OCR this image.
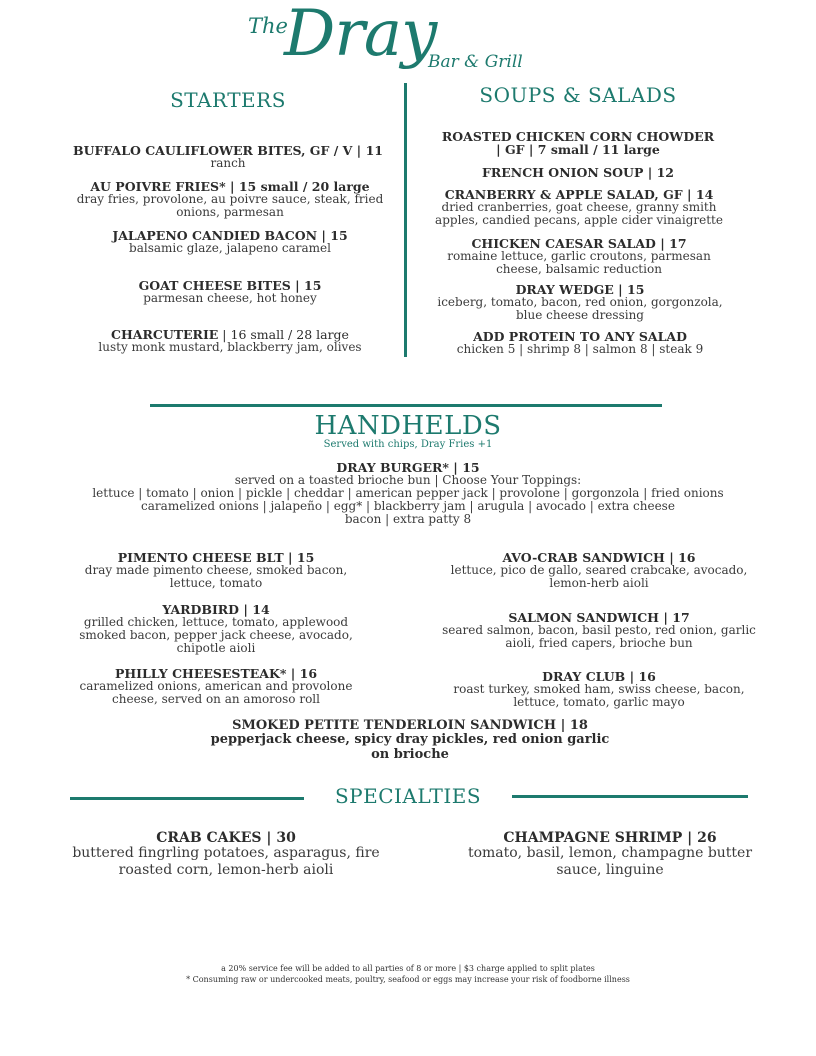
The
Dray
Bar & Grill
STARTERS
BUFFALO CAULIFLOWER BITES, GF / V | 11
ranch
AU POIVRE FRIES* | 15 small / 20 large
dray fries, provolone, au poivre sauce, steak, fried onions, parmesan
JALAPENO CANDIED BACON | 15
balsamic glaze, jalapeno caramel
GOAT CHEESE BITES | 15
parmesan cheese, hot honey
CHARCUTERIE | 16 small / 28 large
lusty monk mustard, blackberry jam, olives
SOUPS & SALADS
ROASTED CHICKEN CORN CHOWDER | GF | 7 small / 11 large
FRENCH ONION SOUP | 12
CRANBERRY & APPLE SALAD, GF | 14
dried cranberries, goat cheese, granny smith apples, candied pecans, apple cider vinaigrette
CHICKEN CAESAR SALAD | 17
romaine lettuce, garlic croutons, parmesan cheese, balsamic reduction
DRAY WEDGE | 15
iceberg, tomato, bacon, red onion, gorgonzola, blue cheese dressing
ADD PROTEIN TO ANY SALAD
chicken 5 | shrimp 8 | salmon 8 | steak 9
HANDHELDS
Served with chips, Dray Fries +1
DRAY BURGER* | 15
served on a toasted brioche bun | Choose Your Toppings:
lettuce | tomato | onion | pickle | cheddar | american pepper jack | provolone | gorgonzola | fried onions
caramelized onions | jalapeño | egg* | blackberry jam | arugula | avocado | extra cheese
bacon | extra patty 8
PIMENTO CHEESE BLT | 15
dray made pimento cheese, smoked bacon, lettuce, tomato
YARDBIRD | 14
grilled chicken, lettuce, tomato, applewood smoked bacon, pepper jack cheese, avocado, chipotle aioli
PHILLY CHEESESTEAK* | 16
caramelized onions, american and provolone cheese, served on an amoroso roll
AVO-CRAB SANDWICH | 16
lettuce, pico de gallo, seared crabcake, avocado, lemon-herb aioli
SALMON SANDWICH | 17
seared salmon, bacon, basil pesto, red onion, garlic aioli, fried capers, brioche bun
DRAY CLUB | 16
roast turkey, smoked ham, swiss cheese, bacon, lettuce, tomato, garlic mayo
SMOKED PETITE TENDERLOIN SANDWICH | 18
pepperjack cheese, spicy dray pickles, red onion garlic on brioche
SPECIALTIES
CRAB CAKES | 30
buttered fingrling potatoes, asparagus, fire roasted corn, lemon-herb aioli
CHAMPAGNE SHRIMP | 26
tomato, basil, lemon, champagne butter sauce, linguine
a 20% service fee will be added to all parties of 8 or more | $3 charge applied to split plates
* Consuming raw or undercooked meats, poultry, seafood or eggs may increase your risk of foodborne illness
